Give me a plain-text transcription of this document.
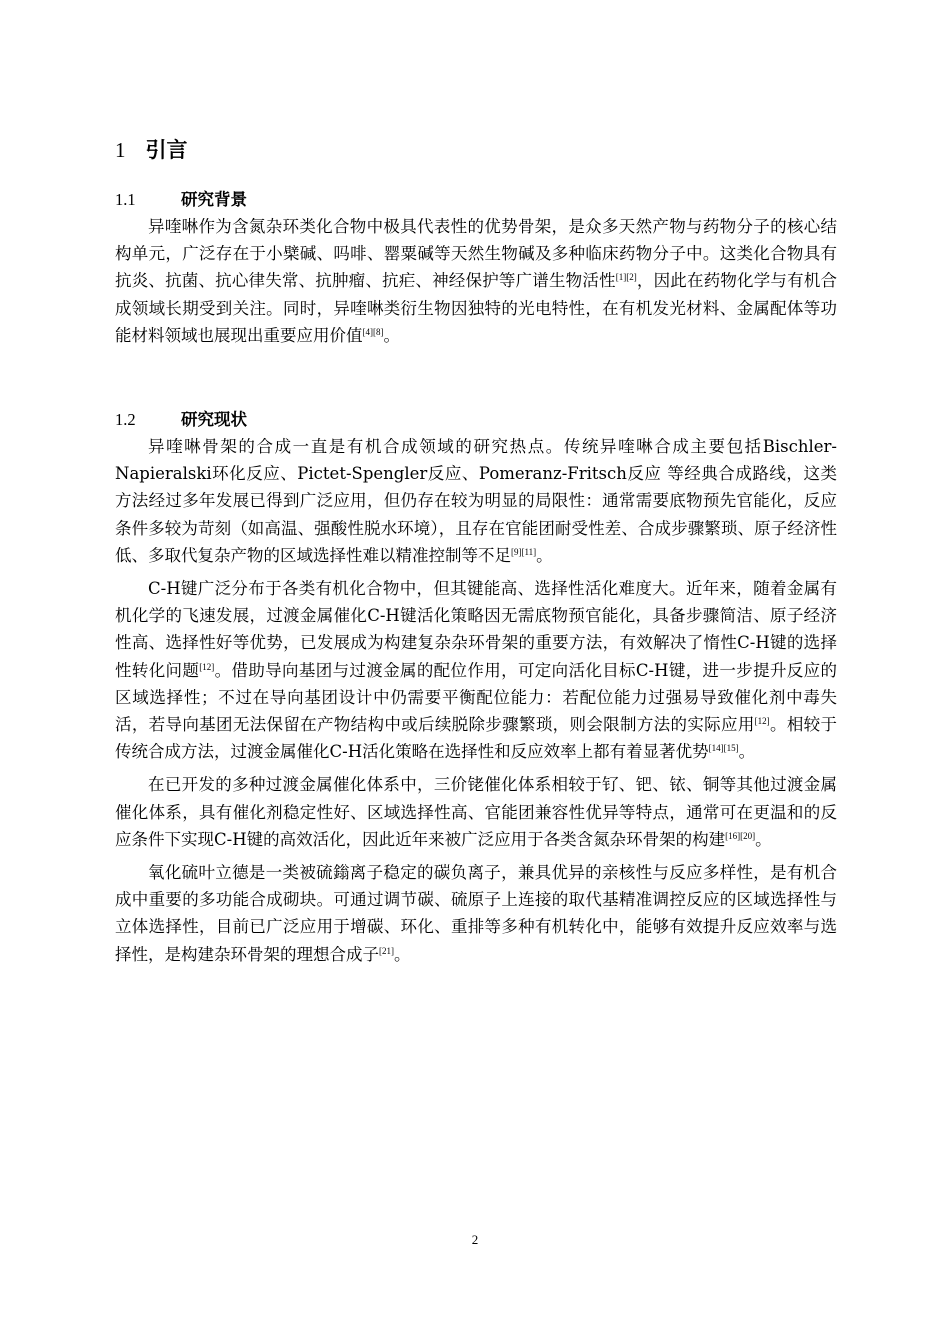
1 引言
1.1	研究背景

异喹啉作为含氮杂环类化合物中极具代表性的优势骨架，是众多天然产物与药物分子的核心结构单元，广泛存在于小檗碱、吗啡、罂粟碱等天然生物碱及多种临床药物分子中。这类化合物具有抗炎、抗菌、抗心律失常、抗肿瘤、抗疟、神经保护等广谱生物活性[1][2]，因此在药物化学与有机合成领域长期受到关注。同时，异喹啉类衍生物因独特的光电特性，在有机发光材料、金属配体等功能材料领域也展现出重要应用价值[4][8]。

1.2	研究现状

异喹啉骨架的合成一直是有机合成领域的研究热点。传统异喹啉合成主要包括Bischler-Napieralski环化反应、Pictet-Spengler反应、Pomeranz-Fritsch反应 等经典合成路线，这类方法经过多年发展已得到广泛应用，但仍存在较为明显的局限性：通常需要底物预先官能化，反应条件多较为苛刻（如高温、强酸性脱水环境），且存在官能团耐受性差、合成步骤繁琐、原子经济性低、多取代复杂产物的区域选择性难以精准控制等不足[9][11]。

C-H键广泛分布于各类有机化合物中，但其键能高、选择性活化难度大。近年来，随着金属有机化学的飞速发展，过渡金属催化C-H键活化策略因无需底物预官能化，具备步骤简洁、原子经济性高、选择性好等优势，已发展成为构建复杂杂环骨架的重要方法，有效解决了惰性C-H键的选择性转化问题[12]。借助导向基团与过渡金属的配位作用，可定向活化目标C-H键，进一步提升反应的区域选择性；不过在导向基团设计中仍需要平衡配位能力：若配位能力过强易导致催化剂中毒失活，若导向基团无法保留在产物结构中或后续脱除步骤繁琐，则会限制方法的实际应用[12]。相较于传统合成方法，过渡金属催化C-H活化策略在选择性和反应效率上都有着显著优势[14][15]。

在已开发的多种过渡金属催化体系中，三价铑催化体系相较于钌、钯、铱、铜等其他过渡金属催化体系，具有催化剂稳定性好、区域选择性高、官能团兼容性优异等特点，通常可在更温和的反应条件下实现C-H键的高效活化，因此近年来被广泛应用于各类含氮杂环骨架的构建[16][20]。

氧化硫叶立德是一类被硫鎓离子稳定的碳负离子，兼具优异的亲核性与反应多样性，是有机合成中重要的多功能合成砌块。可通过调节碳、硫原子上连接的取代基精准调控反应的区域选择性与立体选择性，目前已广泛应用于增碳、环化、重排等多种有机转化中，能够有效提升反应效率与选择性，是构建杂环骨架的理想合成子[21]。

2
